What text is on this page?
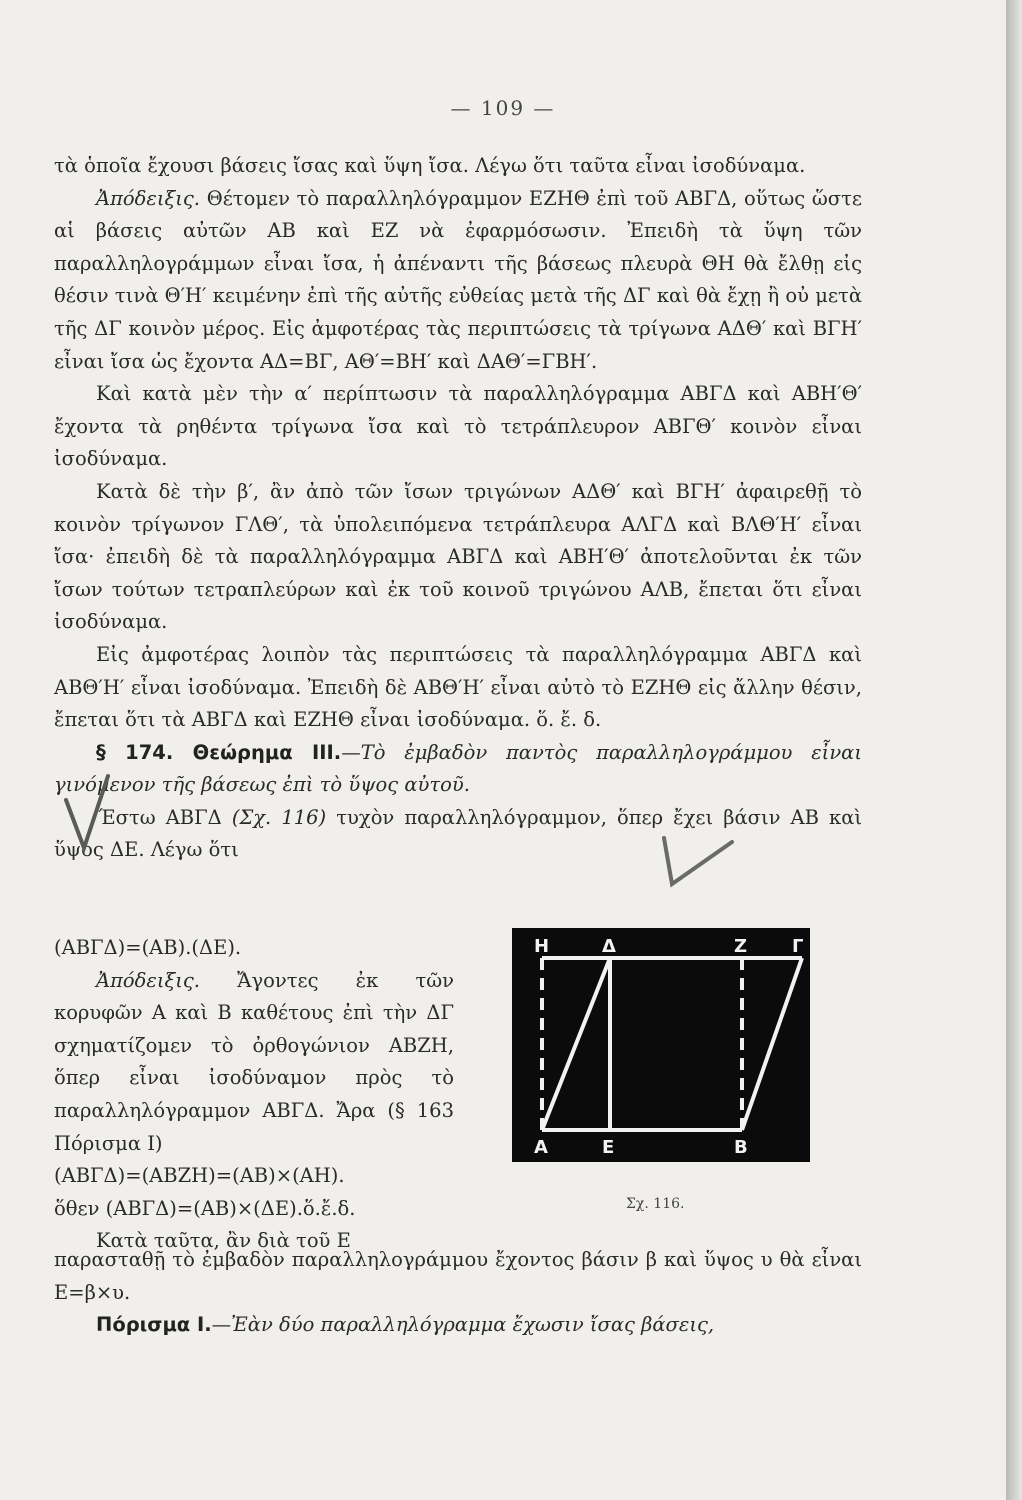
— 109 —

τὰ ὁποῖα ἔχουσι βάσεις ἴσας καὶ ὕψη ἴσα. Λέγω ὅτι ταῦτα εἶναι ἰσοδύναμα.

Ἀπόδειξις. Θέτομεν τὸ παραλληλόγραμμον ΕΖΗΘ ἐπὶ τοῦ ΑΒΓΔ, οὕτως ὥστε αἱ βάσεις αὐτῶν ΑΒ καὶ ΕΖ νὰ ἐφαρμόσωσιν. Ἐπειδὴ τὰ ὕψη τῶν παραλληλογράμμων εἶναι ἴσα, ἡ ἀπέναντι τῆς βάσεως πλευρὰ ΘΗ θὰ ἔλθῃ εἰς θέσιν τινὰ Θ′Η′ κειμένην ἐπὶ τῆς αὐτῆς εὐθείας μετὰ τῆς ΔΓ καὶ θὰ ἔχῃ ἢ οὐ μετὰ τῆς ΔΓ κοινὸν μέρος. Εἰς ἀμφοτέρας τὰς περιπτώσεις τὰ τρίγωνα ΑΔΘ′ καὶ ΒΓΗ′ εἶναι ἴσα ὡς ἔχοντα ΑΔ=ΒΓ, ΑΘ′=ΒΗ′ καὶ ΔΑΘ′=ΓΒΗ′.

Καὶ κατὰ μὲν τὴν α′ περίπτωσιν τὰ παραλληλόγραμμα ΑΒΓΔ καὶ ΑΒΗ′Θ′ ἔχοντα τὰ ρηθέντα τρίγωνα ἴσα καὶ τὸ τετράπλευρον ΑΒΓΘ′ κοινὸν εἶναι ἰσοδύναμα.

Κατὰ δὲ τὴν β′, ἂν ἀπὸ τῶν ἴσων τριγώνων ΑΔΘ′ καὶ ΒΓΗ′ ἀφαιρεθῇ τὸ κοινὸν τρίγωνον ΓΛΘ′, τὰ ὑπολειπόμενα τετράπλευρα ΑΛΓΔ καὶ ΒΛΘ′Η′ εἶναι ἴσα· ἐπειδὴ δὲ τὰ παραλληλόγραμμα ΑΒΓΔ καὶ ΑΒΗ′Θ′ ἀποτελοῦνται ἐκ τῶν ἴσων τούτων τετραπλεύρων καὶ ἐκ τοῦ κοινοῦ τριγώνου ΑΛΒ, ἔπεται ὅτι εἶναι ἰσοδύναμα.

Εἰς ἀμφοτέρας λοιπὸν τὰς περιπτώσεις τὰ παραλληλόγραμμα ΑΒΓΔ καὶ ΑΒΘ′Η′ εἶναι ἰσοδύναμα. Ἐπειδὴ δὲ ΑΒΘ′Η′ εἶναι αὐτὸ τὸ ΕΖΗΘ εἰς ἄλλην θέσιν, ἔπεται ὅτι τὰ ΑΒΓΔ καὶ ΕΖΗΘ εἶναι ἰσοδύναμα. ὅ. ἔ. δ.

§ 174. Θεώρημα III.—Τὸ ἐμβαδὸν παντὸς παραλληλογράμμου εἶναι γινόμενον τῆς βάσεως ἐπὶ τὸ ὕψος αὐτοῦ.

Ἔστω ΑΒΓΔ (Σχ. 116) τυχὸν παραλληλόγραμμον, ὅπερ ἔχει βάσιν ΑΒ καὶ ὕψος ΔΕ. Λέγω ὅτι

(ΑΒΓΔ)=(ΑΒ).(ΔΕ).

Ἀπόδειξις. Ἄγοντες ἐκ τῶν κορυφῶν Α καὶ Β καθέτους ἐπὶ τὴν ΔΓ σχηματίζομεν τὸ ὀρθογώνιον ΑΒΖΗ, ὅπερ εἶναι ἰσοδύναμον πρὸς τὸ παραλληλόγραμμον ΑΒΓΔ. Ἄρα (§ 163 Πόρισμα I)

(ΑΒΓΔ)=(ΑΒΖΗ)=(ΑΒ)×(ΑΗ).

ὅθεν (ΑΒΓΔ)=(ΑΒ)×(ΔΕ).ὅ.ἔ.δ.

Κατὰ ταῦτα, ἂν διὰ τοῦ Ε

παρασταθῇ τὸ ἐμβαδὸν παραλληλογράμμου ἔχοντος βάσιν β καὶ ὕψος υ θὰ εἶναι Ε=β×υ.

Πόρισμα I.—Ἐὰν δύο παραλληλόγραμμα ἔχωσιν ἴσας βάσεις,

Η	Δ	Ζ Γ
Α	Ε	Β
Σχ. 116.
